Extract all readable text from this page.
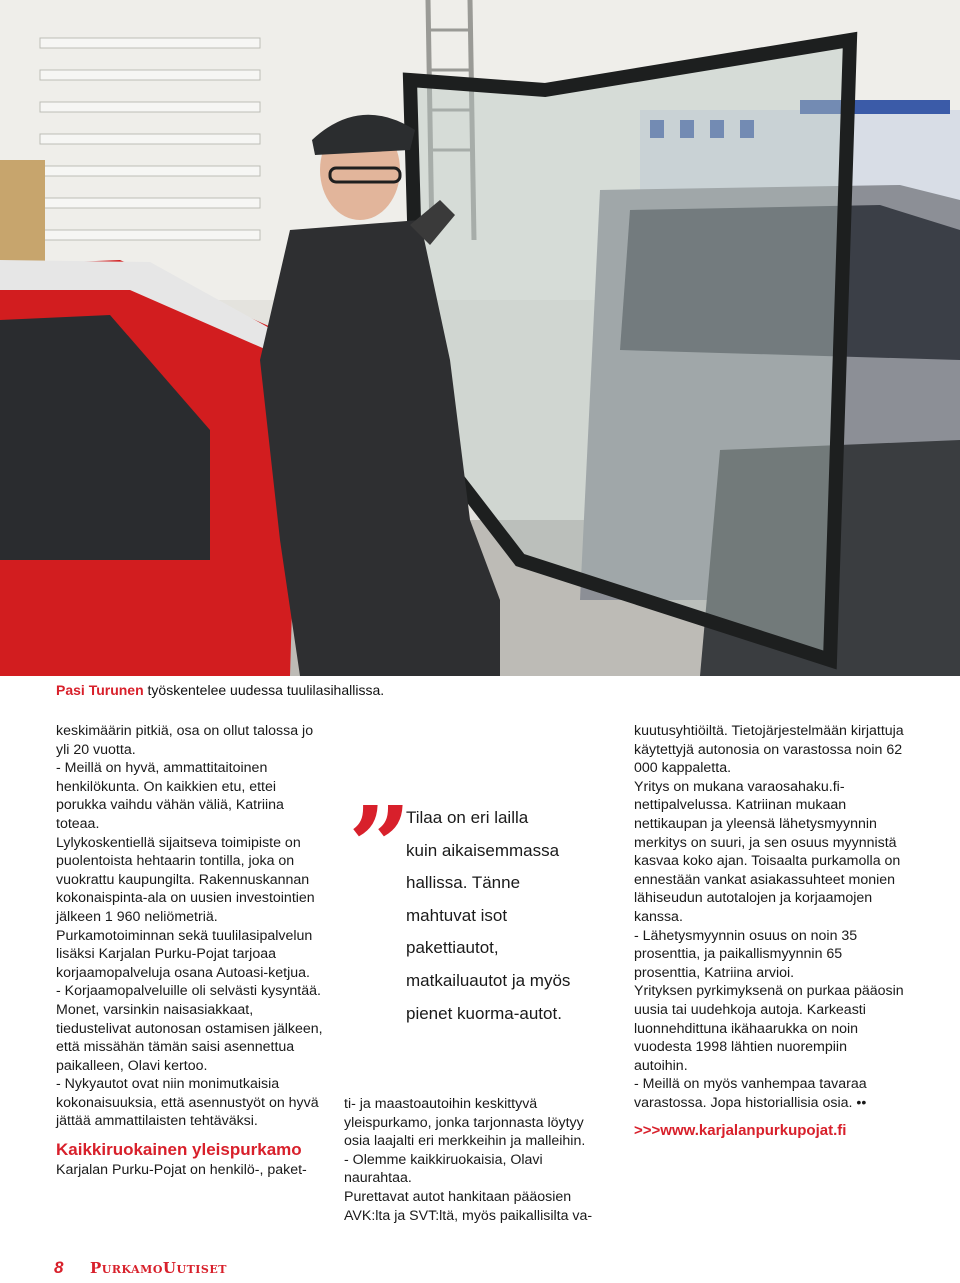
Pasi Turunen työskentelee uudessa tuulilasihallissa.

keskimäärin pitkiä, osa on ollut talossa jo yli 20 vuotta.

- Meillä on hyvä, ammattitaitoinen henkilökunta. On kaikkien etu, ettei porukka vaihdu vähän väliä, Katriina toteaa.

Lylykoskentiellä sijaitseva toimipiste on puolentoista hehtaarin tontilla, joka on vuokrattu kaupungilta. Rakennuskannan kokonaispinta-ala on uusien investointien jälkeen 1 960 neliömetriä.

Purkamotoiminnan sekä tuulilasipalvelun lisäksi Karjalan Purku-Pojat tarjoaa korjaamopalveluja osana Autoasi-ketjua.

- Korjaamopalveluille oli selvästi kysyntää. Monet, varsinkin naisasiakkaat, tiedustelivat autonosan ostamisen jälkeen, että missähän tämän saisi asennettua paikalleen, Olavi kertoo.

- Nykyautot ovat niin monimutkaisia kokonaisuuksia, että asennustyöt on hyvä jättää ammattilaisten tehtäväksi.

Kaikkiruokainen yleispurkamo

Karjalan Purku-Pojat on henkilö-, paket-

”
Tilaa on eri lailla
kuin aikaisemmassa
hallissa. Tänne
mahtuvat isot
pakettiautot,
matkailuautot ja myös
pienet kuorma-autot.

ti- ja maastoautoihin keskittyvä yleispurkamo, jonka tarjonnasta löytyy osia laajalti eri merkkeihin ja malleihin.

- Olemme kaikkiruokaisia, Olavi naurahtaa.

Purettavat autot hankitaan pääosien AVK:lta ja SVT:ltä, myös paikallisilta va-

kuutusyhtiöiltä. Tietojärjestelmään kirjattuja käytettyjä autonosia on varastossa noin 62 000 kappaletta.

Yritys on mukana varaosahaku.fi-nettipalvelussa. Katriinan mukaan nettikaupan ja yleensä lähetysmyynnin merkitys on suuri, ja sen osuus myynnistä kasvaa koko ajan. Toisaalta purkamolla on ennestään vankat asiakassuhteet monien lähiseudun autotalojen ja korjaamojen kanssa.

- Lähetysmyynnin osuus on noin 35 prosenttia, ja paikallismyynnin 65 prosenttia, Katriina arvioi.

Yrityksen pyrkimyksenä on purkaa pääosin uusia tai uudehkoja autoja. Karkeasti luonnehdittuna ikähaarukka on noin vuodesta 1998 lähtien nuorempiin autoihin.

- Meillä on myös vanhempaa tavaraa varastossa. Jopa historiallisia osia. ••

>>>www.karjalanpurkupojat.fi

8 PurkamoUutiset
